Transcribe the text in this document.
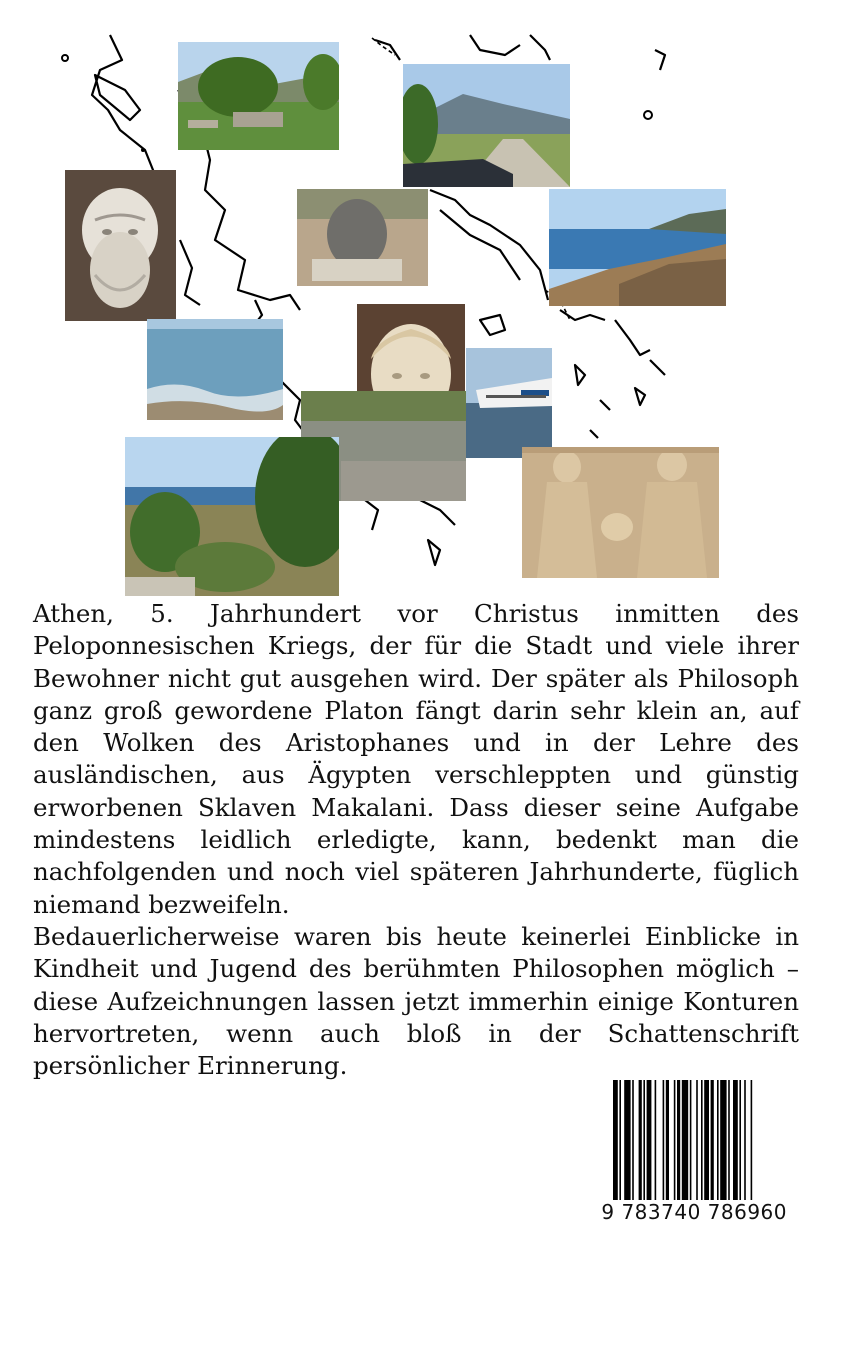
Athen, 5. Jahrhundert vor Christus inmitten des Peloponnesischen Kriegs, der für die Stadt und viele ihrer Bewohner nicht gut ausgehen wird. Der später als Philosoph ganz groß gewordene Platon fängt darin sehr klein an, auf den Wolken des Aristophanes und in der Lehre des ausländischen, aus Ägypten verschleppten und günstig erworbenen Sklaven Makalani. Dass dieser seine Aufgabe mindestens leidlich erledigte, kann, bedenkt man die nachfolgenden und noch viel späteren Jahrhunderte, füglich niemand bezweifeln.

Bedauerlicherweise waren bis heute keinerlei Einblicke in Kindheit und Jugend des berühmten Philosophen möglich – diese Aufzeichnungen lassen jetzt immerhin einige Konturen hervortreten, wenn auch bloß in der Schattenschrift persönlicher Erinnerung.

9 783740 786960
